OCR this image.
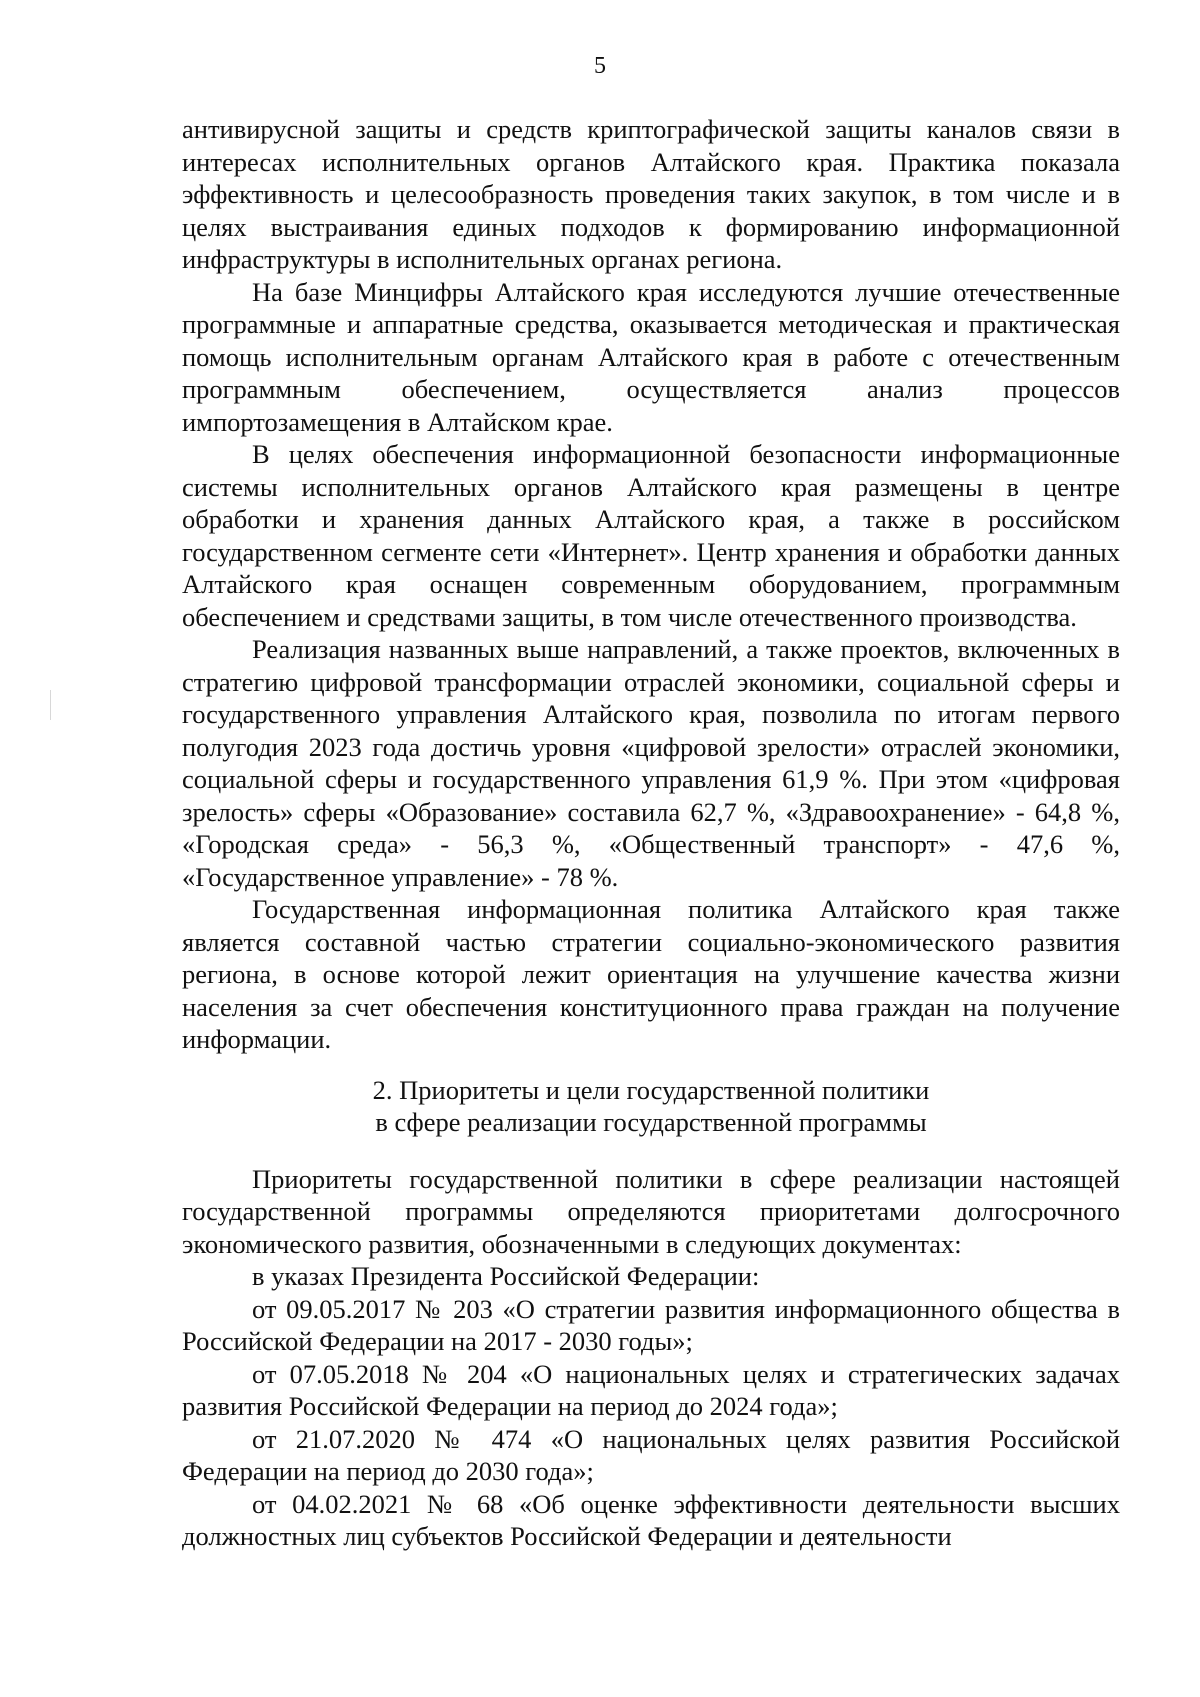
5

антивирусной защиты и средств криптографической защиты каналов связи в интересах исполнительных органов Алтайского края. Практика показала эффективность и целесообразность проведения таких закупок, в том числе и в целях выстраивания единых подходов к формированию информационной инфраструктуры в исполнительных органах региона.

На базе Минцифры Алтайского края исследуются лучшие отечественные программные и аппаратные средства, оказывается методическая и практическая помощь исполнительным органам Алтайского края в работе с отечественным программным обеспечением, осуществляется анализ процессов импортозамещения в Алтайском крае.

В целях обеспечения информационной безопасности информационные системы исполнительных органов Алтайского края размещены в центре обработки и хранения данных Алтайского края, а также в российском государственном сегменте сети «Интернет». Центр хранения и обработки данных Алтайского края оснащен современным оборудованием, программным обеспечением и средствами защиты, в том числе отечественного производства.

Реализация названных выше направлений, а также проектов, включенных в стратегию цифровой трансформации отраслей экономики, социальной сферы и государственного управления Алтайского края, позволила по итогам первого полугодия 2023 года достичь уровня «цифровой зрелости» отраслей экономики, социальной сферы и государственного управления 61,9 %. При этом «цифровая зрелость» сферы «Образование» составила 62,7 %, «Здравоохранение» - 64,8 %, «Городская среда» - 56,3 %, «Общественный транспорт» - 47,6 %, «Государственное управление» - 78 %.

Государственная информационная политика Алтайского края также является составной частью стратегии социально-экономического развития региона, в основе которой лежит ориентация на улучшение качества жизни населения за счет обеспечения конституционного права граждан на получение информации.

2. Приоритеты и цели государственной политики
в сфере реализации государственной программы

Приоритеты государственной политики в сфере реализации настоящей государственной программы определяются приоритетами долгосрочного экономического развития, обозначенными в следующих документах:

в указах Президента Российской Федерации:

от 09.05.2017 № 203 «О стратегии развития информационного общества в Российской Федерации на 2017 - 2030 годы»;

от 07.05.2018 № 204 «О национальных целях и стратегических задачах развития Российской Федерации на период до 2024 года»;

от 21.07.2020 № 474 «О национальных целях развития Российской Федерации на период до 2030 года»;

от 04.02.2021 № 68 «Об оценке эффективности деятельности высших должностных лиц субъектов Российской Федерации и деятельности
